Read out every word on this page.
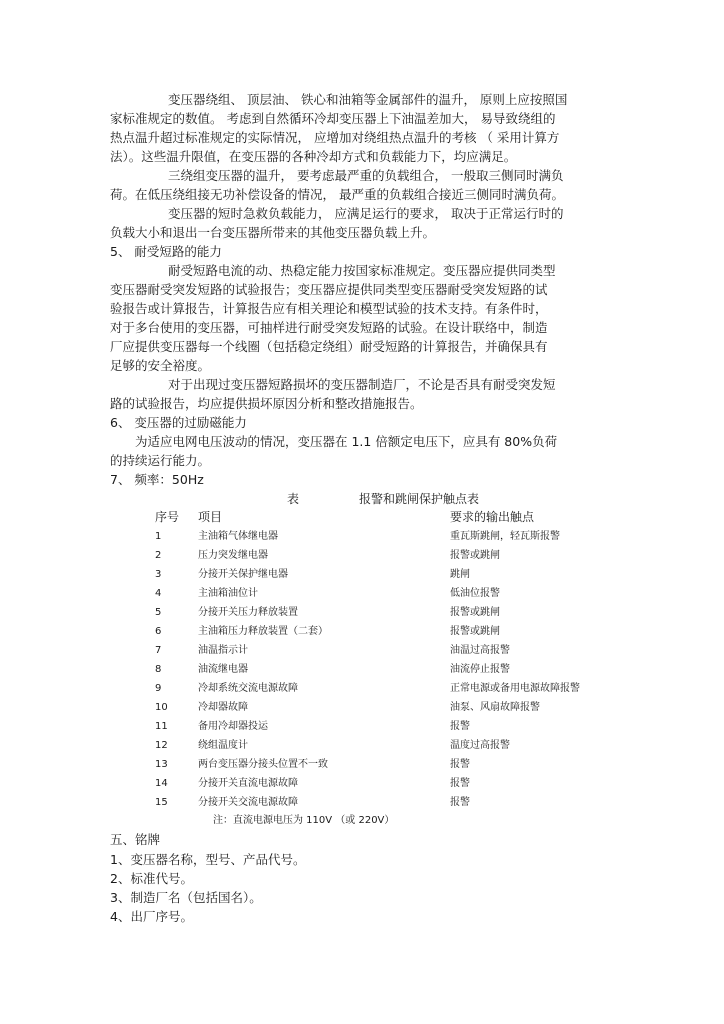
变压器绕组、 顶层油、 铁心和油箱等金属部件的温升， 原则上应按照国
家标准规定的数值。 考虑到自然循环冷却变压器上下油温差加大， 易导致绕组的
热点温升超过标准规定的实际情况， 应增加对绕组热点温升的考核 （ 采用计算方
法）。这些温升限值，在变压器的各种冷却方式和负载能力下，均应满足。
三绕组变压器的温升， 要考虑最严重的负载组合， 一般取三侧同时满负
荷。在低压绕组接无功补偿设备的情况， 最严重的负载组合接近三侧同时满负荷。
变压器的短时急救负载能力， 应满足运行的要求， 取决于正常运行时的
负载大小和退出一台变压器所带来的其他变压器负载上升。
5、 耐受短路的能力
耐受短路电流的动、热稳定能力按国家标准规定。变压器应提供同类型
变压器耐受突发短路的试验报告；变压器应提供同类型变压器耐受突发短路的试
验报告或计算报告，计算报告应有相关理论和模型试验的技术支持。有条件时，
对于多台使用的变压器，可抽样进行耐受突发短路的试验。在设计联络中，制造
厂应提供变压器每一个线圈（包括稳定绕组）耐受短路的计算报告，并确保具有
足够的安全裕度。
对于出现过变压器短路损坏的变压器制造厂，不论是否具有耐受突发短
路的试验报告，均应提供损坏原因分析和整改措施报告。
6、 变压器的过励磁能力
为适应电网电压波动的情况，变压器在 1.1 倍额定电压下，应具有 80%负荷
的持续运行能力。
7、 频率：50Hz
表	报警和跳闸保护触点表
序号 项目	要求的输出触点
1	主油箱气体继电器	重瓦斯跳闸，轻瓦斯报警
2	压力突发继电器	报警或跳闸
3	分接开关保护继电器	跳闸
4	主油箱油位计	低油位报警
5	分接开关压力释放装置	报警或跳闸
6	主油箱压力释放装置（二套）	报警或跳闸
7	油温指示计	油温过高报警
8	油流继电器	油流停止报警
9	冷却系统交流电源故障	正常电源或备用电源故障报警
10	冷却器故障	油泵、风扇故障报警
11	备用冷却器投运	报警
12	绕组温度计	温度过高报警
13	两台变压器分接头位置不一致	报警
14	分接开关直流电源故障	报警
15	分接开关交流电源故障	报警
注：直流电源电压为 110V （或 220V）
五、铭牌
1、变压器名称，型号、产品代号。
2、标准代号。
3、制造厂名（包括国名）。
4、出厂序号。
